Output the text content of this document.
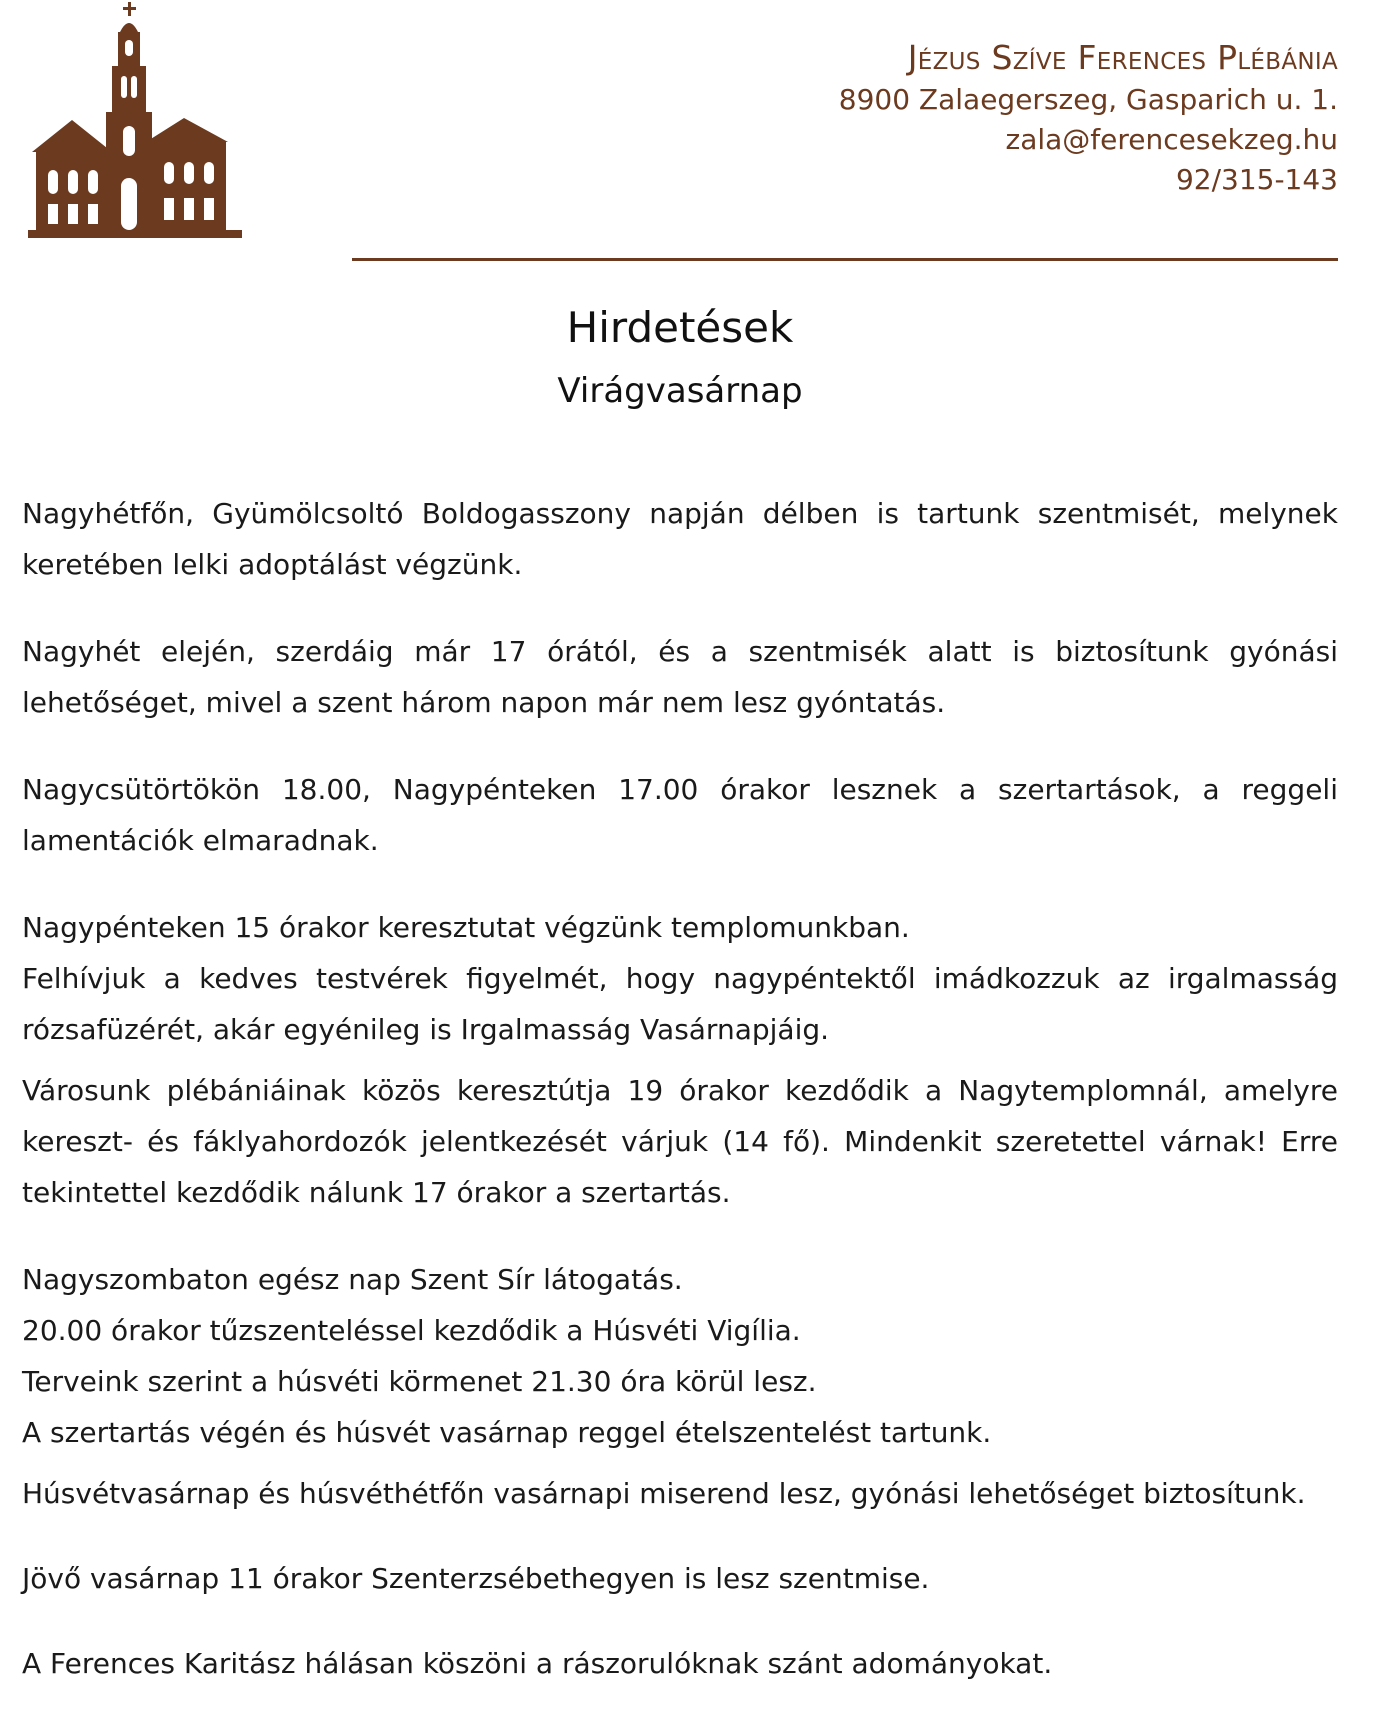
Jézus Szíve Ferences Plébánia
8900 Zalaegerszeg, Gasparich u. 1.
zala@ferencesekzeg.hu
92/315-143
Hirdetések
Virágvasárnap

Nagyhétfőn, Gyümölcsoltó Boldogasszony napján délben is tartunk szentmisét, melynek keretében lelki adoptálást végzünk.

Nagyhét elején, szerdáig már 17 órától, és a szentmisék alatt is biztosítunk gyónási lehetőséget, mivel a szent három napon már nem lesz gyóntatás.

Nagycsütörtökön 18.00, Nagypénteken 17.00 órakor lesznek a szertartások, a reggeli lamentációk elmaradnak.

Nagypénteken 15 órakor keresztutat végzünk templomunkban.

Felhívjuk a kedves testvérek figyelmét, hogy nagypéntektől imádkozzuk az irgalmasság rózsafüzérét, akár egyénileg is Irgalmasság Vasárnapjáig.

Városunk plébániáinak közös keresztútja 19 órakor kezdődik a Nagytemplomnál, amelyre kereszt- és fáklyahordozók jelentkezését várjuk (14 fő). Mindenkit szeretettel várnak! Erre tekintettel kezdődik nálunk 17 órakor a szertartás.

Nagyszombaton egész nap Szent Sír látogatás.

20.00 órakor tűzszenteléssel kezdődik a Húsvéti Vigília.

Terveink szerint a húsvéti körmenet 21.30 óra körül lesz.

A szertartás végén és húsvét vasárnap reggel ételszentelést tartunk.

Húsvétvasárnap és húsvéthétfőn vasárnapi miserend lesz, gyónási lehetőséget biztosítunk.

Jövő vasárnap 11 órakor Szenterzsébethegyen is lesz szentmise.

A Ferences Karitász hálásan köszöni a rászorulóknak szánt adományokat.
